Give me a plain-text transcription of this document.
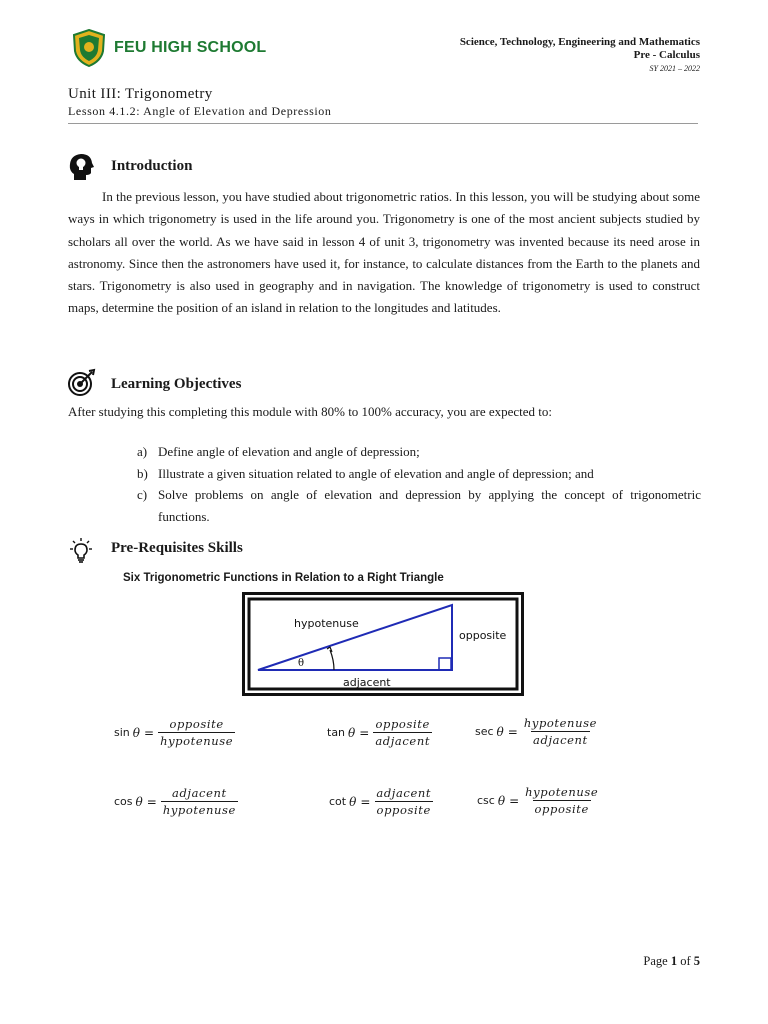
FEU HIGH SCHOOL	Science, Technology, Engineering and Mathematics
Pre - Calculus
SY 2021 – 2022
Unit III: Trigonometry
Lesson 4.1.2: Angle of Elevation and Depression
Introduction
In the previous lesson, you have studied about trigonometric ratios. In this lesson, you will be studying about some ways in which trigonometry is used in the life around you. Trigonometry is one of the most ancient subjects studied by scholars all over the world. As we have said in lesson 4 of unit 3, trigonometry was invented because its need arose in astronomy. Since then the astronomers have used it, for instance, to calculate distances from the Earth to the planets and stars. Trigonometry is also used in geography and in navigation. The knowledge of trigonometry is used to construct maps, determine the position of an island in relation to the longitudes and latitudes.
Learning Objectives
After studying this completing this module with 80% to 100% accuracy, you are expected to:
a) Define angle of elevation and angle of depression;
b) Illustrate a given situation related to angle of elevation and angle of depression; and
c) Solve problems on angle of elevation and depression by applying the concept of trigonometric functions.
Pre-Requisites Skills
Six Trigonometric Functions in Relation to a Right Triangle
hypotenuse
opposite
adjacent
θ
$\sin \theta = \frac{\text{opposite}}{\text{hypotenuse}}$	$\tan \theta = \frac{\text{opposite}}{\text{adjacent}}$	$\sec \theta = \frac{\text{hypotenuse}}{\text{adjacent}}$
$\cos \theta = \frac{\text{adjacent}}{\text{hypotenuse}}$	$\cot \theta = \frac{\text{adjacent}}{\text{opposite}}$	$\csc \theta = \frac{\text{hypotenuse}}{\text{opposite}}$
Page 1 of 5
